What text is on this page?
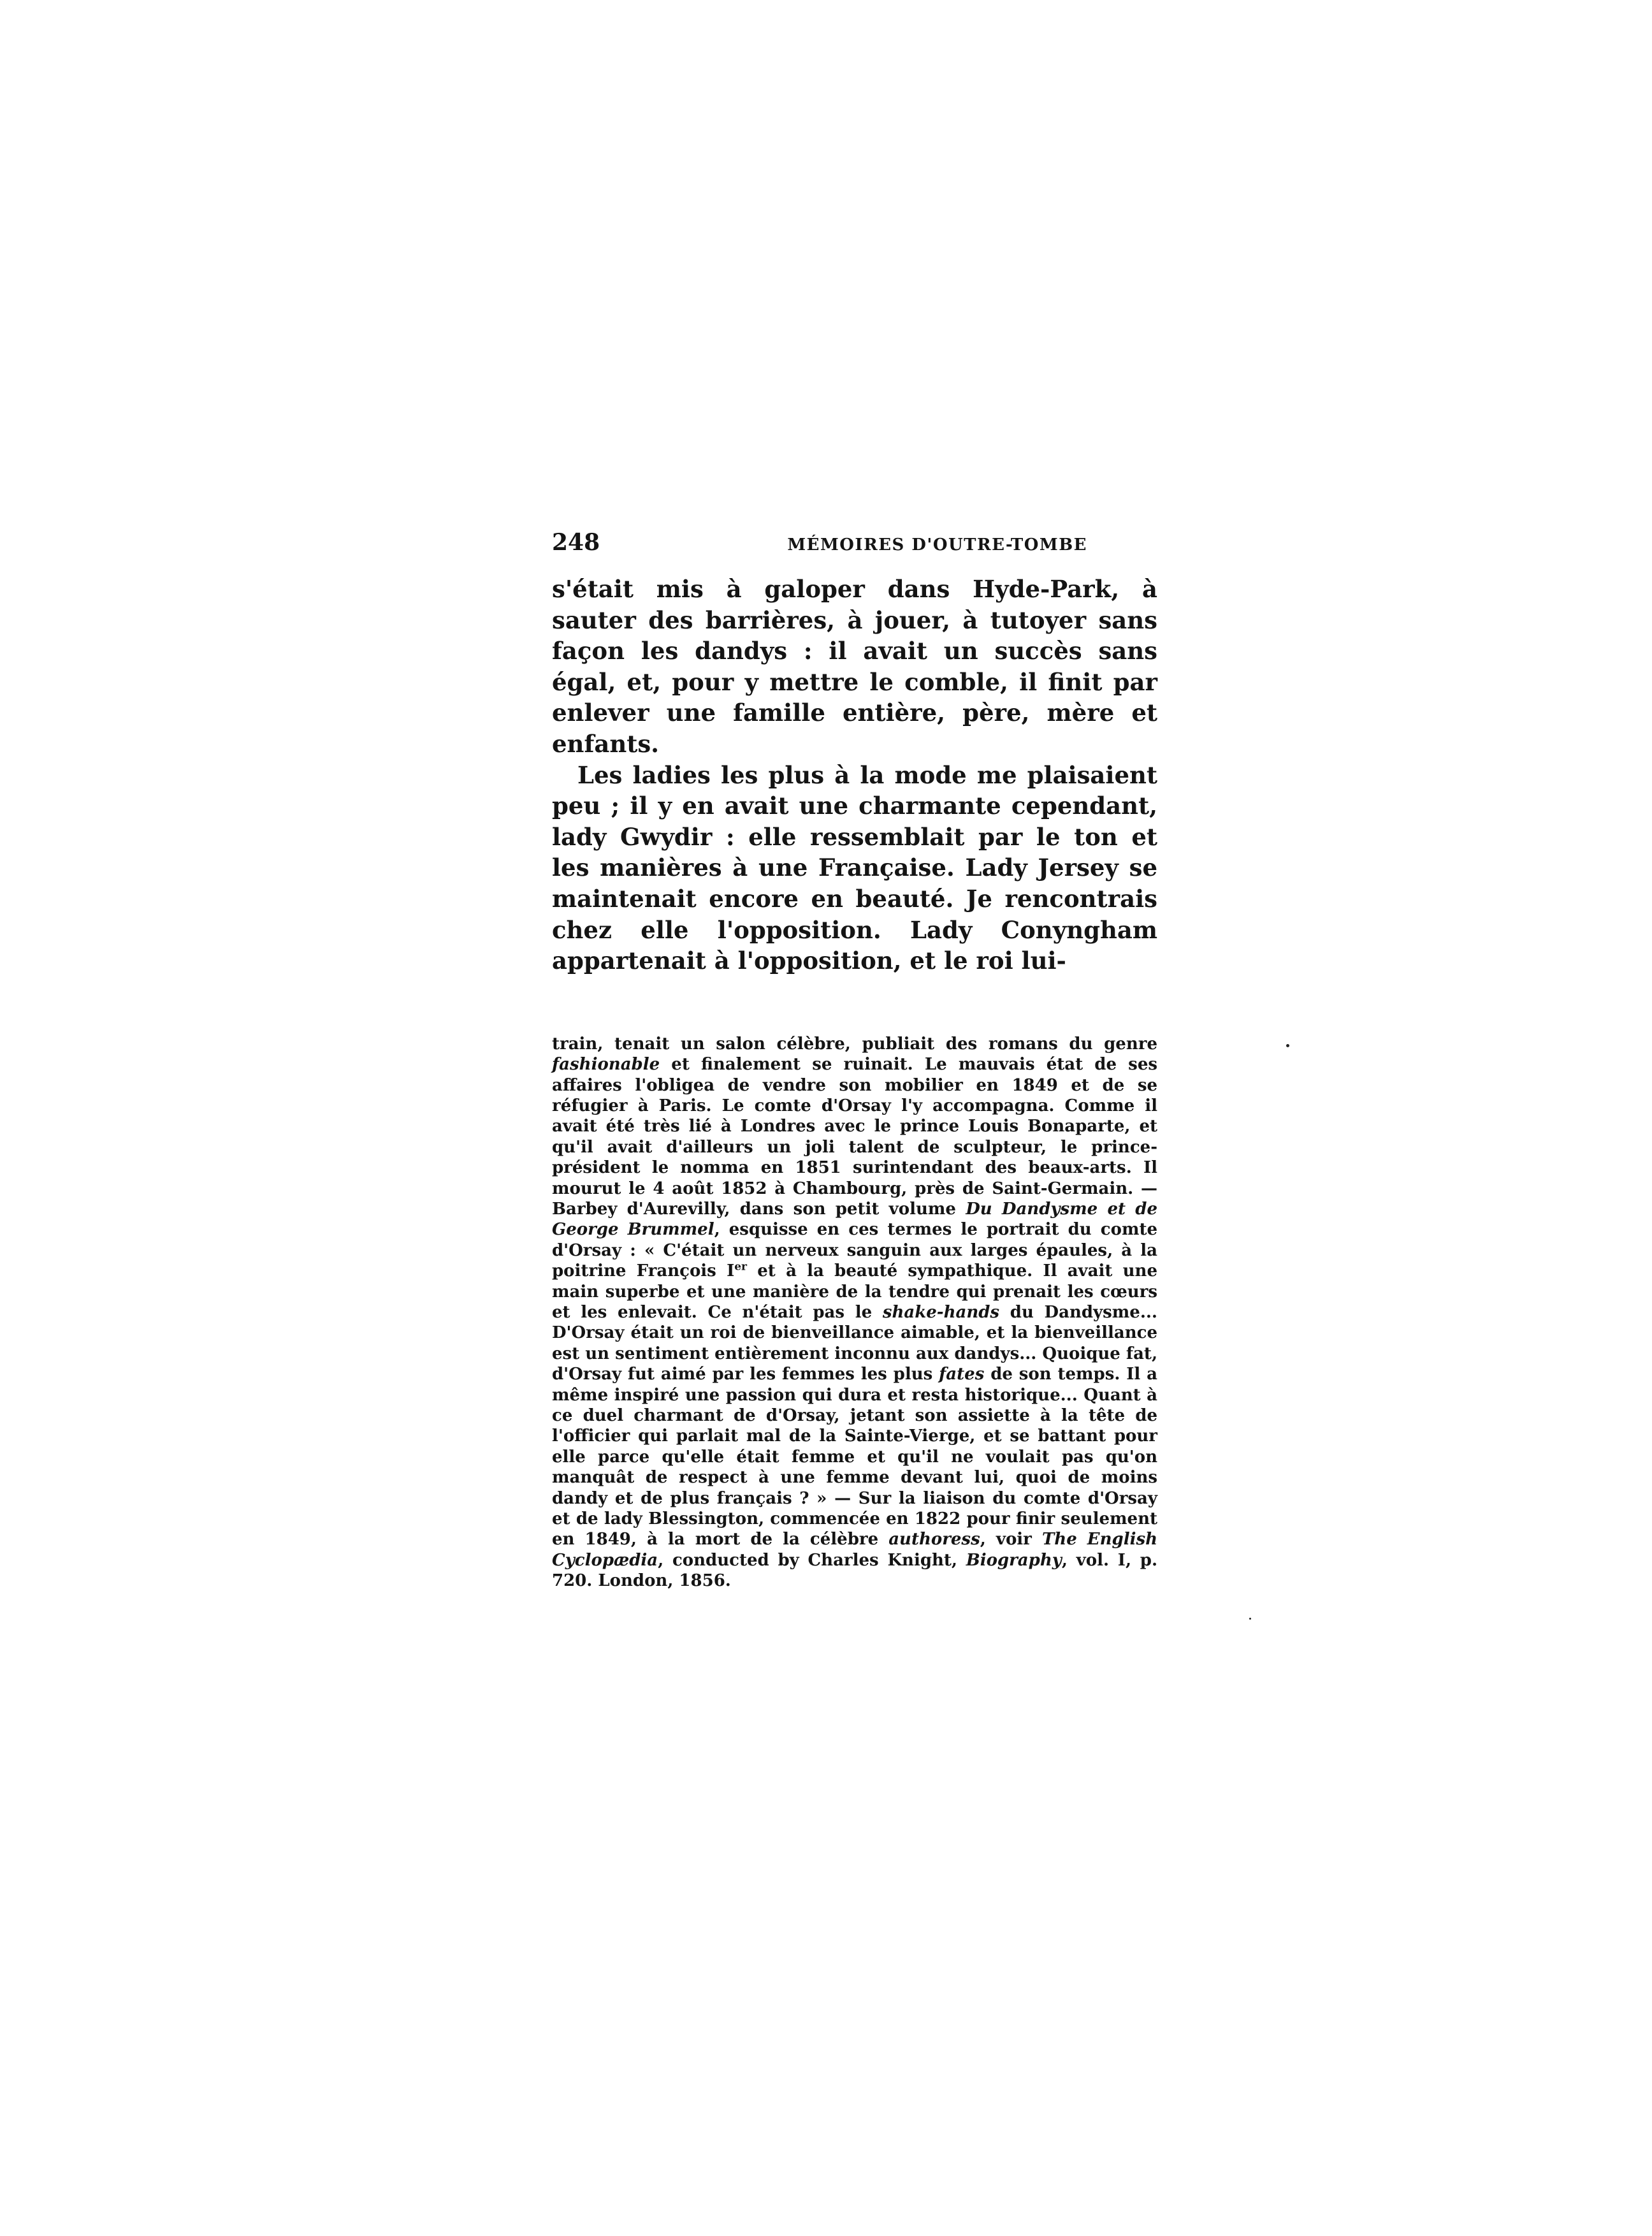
248	MÉMOIRES D'OUTRE-TOMBE

s'était mis à galoper dans Hyde-Park, à sauter des barrières, à jouer, à tutoyer sans façon les dandys : il avait un succès sans égal, et, pour y mettre le comble, il finit par enlever une famille entière, père, mère et enfants.

Les ladies les plus à la mode me plaisaient peu ; il y en avait une charmante cependant, lady Gwydir : elle ressemblait par le ton et les manières à une Française. Lady Jersey se maintenait encore en beauté. Je rencontrais chez elle l'opposition. Lady Conyngham appartenait à l'opposition, et le roi lui-

train, tenait un salon célèbre, publiait des romans du genre fashionable et finalement se ruinait. Le mauvais état de ses affaires l'obligea de vendre son mobilier en 1849 et de se réfugier à Paris. Le comte d'Orsay l'y accompagna. Comme il avait été très lié à Londres avec le prince Louis Bonaparte, et qu'il avait d'ailleurs un joli talent de sculpteur, le prince-président le nomma en 1851 surintendant des beaux-arts. Il mourut le 4 août 1852 à Chambourg, près de Saint-Germain. — Barbey d'Aurevilly, dans son petit volume Du Dandysme et de George Brummel, esquisse en ces termes le portrait du comte d'Orsay : « C'était un nerveux sanguin aux larges épaules, à la poitrine François Ier et à la beauté sympathique. Il avait une main superbe et une manière de la tendre qui prenait les cœurs et les enlevait. Ce n'était pas le shake-hands du Dandysme... D'Orsay était un roi de bienveillance aimable, et la bienveillance est un sentiment entièrement inconnu aux dandys... Quoique fat, d'Orsay fut aimé par les femmes les plus fates de son temps. Il a même inspiré une passion qui dura et resta historique... Quant à ce duel charmant de d'Orsay, jetant son assiette à la tête de l'officier qui parlait mal de la Sainte-Vierge, et se battant pour elle parce qu'elle était femme et qu'il ne voulait pas qu'on manquât de respect à une femme devant lui, quoi de moins dandy et de plus français ? » — Sur la liaison du comte d'Orsay et de lady Blessington, commencée en 1822 pour finir seulement en 1849, à la mort de la célèbre authoress, voir The English Cyclopædia, conducted by Charles Knight, Biography, vol. I, p. 720. London, 1856.
